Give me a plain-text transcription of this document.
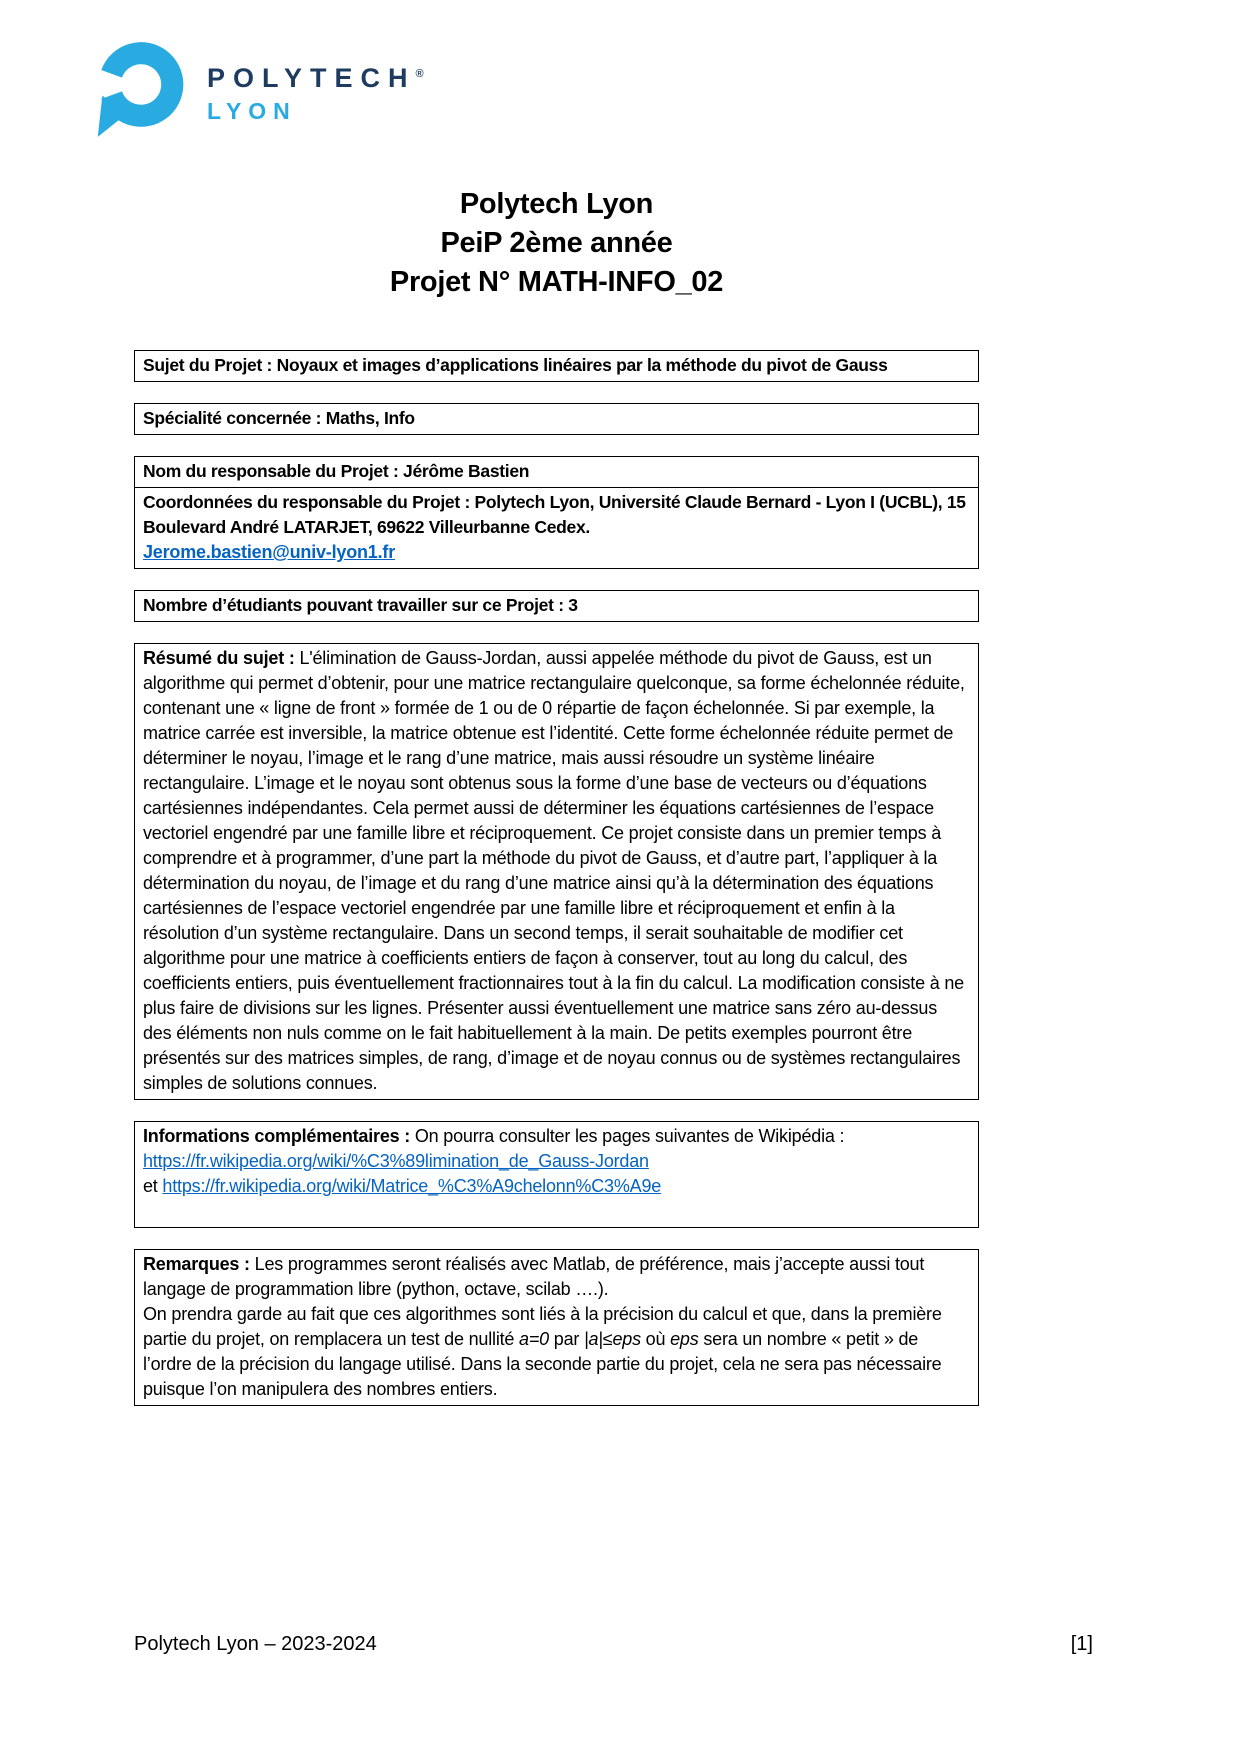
POLYTECH®
LYON
Polytech Lyon
PeiP 2ème année
Projet N° MATH-INFO_02
Sujet du Projet : Noyaux et images d’applications linéaires par la méthode du pivot de Gauss
Spécialité concernée : Maths, Info
Nom du responsable du Projet : Jérôme Bastien
Coordonnées du responsable du Projet : Polytech Lyon, Université Claude Bernard - Lyon I (UCBL), 15 Boulevard André LATARJET, 69622 Villeurbanne Cedex.
Jerome.bastien@univ-lyon1.fr
Nombre d’étudiants pouvant travailler sur ce Projet : 3
Résumé du sujet : L'élimination de Gauss-Jordan, aussi appelée méthode du pivot de Gauss, est un algorithme qui permet d’obtenir, pour une matrice rectangulaire quelconque, sa forme échelonnée réduite, contenant une « ligne de front » formée de 1 ou de 0 répartie de façon échelonnée. Si par exemple, la matrice carrée est inversible, la matrice obtenue est l’identité. Cette forme échelonnée réduite permet de déterminer le noyau, l’image et le rang d’une matrice, mais aussi résoudre un système linéaire rectangulaire. L’image et le noyau sont obtenus sous la forme d’une base de vecteurs ou d’équations cartésiennes indépendantes. Cela permet aussi de déterminer les équations cartésiennes de l’espace vectoriel engendré par une famille libre et réciproquement. Ce projet consiste dans un premier temps à comprendre et à programmer, d’une part la méthode du pivot de Gauss, et d’autre part, l’appliquer à la détermination du noyau, de l’image et du rang d’une matrice ainsi qu’à la détermination des équations cartésiennes de l’espace vectoriel engendrée par une famille libre et réciproquement et enfin à la résolution d’un système rectangulaire. Dans un second temps, il serait souhaitable de modifier cet algorithme pour une matrice à coefficients entiers de façon à conserver, tout au long du calcul, des coefficients entiers, puis éventuellement fractionnaires tout à la fin du calcul. La modification consiste à ne plus faire de divisions sur les lignes. Présenter aussi éventuellement une matrice sans zéro au-dessus des éléments non nuls comme on le fait habituellement à la main. De petits exemples pourront être présentés sur des matrices simples, de rang, d’image et de noyau connus ou de systèmes rectangulaires simples de solutions connues.
Informations complémentaires : On pourra consulter les pages suivantes de Wikipédia :
https://fr.wikipedia.org/wiki/%C3%89limination_de_Gauss-Jordan
et https://fr.wikipedia.org/wiki/Matrice_%C3%A9chelonn%C3%A9e
Remarques : Les programmes seront réalisés avec Matlab, de préférence, mais j’accepte aussi tout langage de programmation libre (python, octave, scilab ….).
On prendra garde au fait que ces algorithmes sont liés à la précision du calcul et que, dans la première partie du projet, on remplacera un test de nullité a=0 par |a|≤eps où eps sera un nombre « petit » de l’ordre de la précision du langage utilisé. Dans la seconde partie du projet, cela ne sera pas nécessaire puisque l’on manipulera des nombres entiers.
Polytech Lyon – 2023-2024	[1]
